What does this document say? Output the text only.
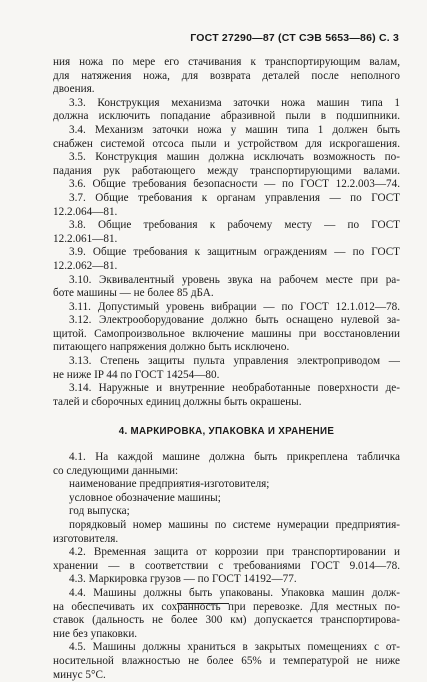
ГОСТ 27290—87 (СТ СЭВ 5653—86) С. 3
ния ножа по мере его стачивания к транспортирующим валам,
для натяжения ножа, для возврата деталей после неполного
двоения.
3.3. Конструкция механизма заточки ножа машин типа 1
должна исключить попадание абразивной пыли в подшипники.
3.4. Механизм заточки ножа у машин типа 1 должен быть
снабжен системой отсоса пыли и устройством для искрогашения.
3.5. Конструкция машин должна исключать возможность по-
падания рук работающего между транспортирующими валами.
3.6. Общие требования безопасности — по ГОСТ 12.2.003—74.
3.7. Общие требования к органам управления — по ГОСТ
12.2.064—81.
3.8. Общие требования к рабочему месту — по ГОСТ
12.2.061—81.
3.9. Общие требования к защитным ограждениям — по ГОСТ
12.2.062—81.
3.10. Эквивалентный уровень звука на рабочем месте при ра-
боте машины — не более 85 дБА.
3.11. Допустимый уровень вибрации — по ГОСТ 12.1.012—78.
3.12. Электрооборудование должно быть оснащено нулевой за-
щитой. Самопроизвольное включение машины при восстановлении
питающего напряжения должно быть исключено.
3.13. Степень защиты пульта управления электроприводом —
не ниже IP 44 по ГОСТ 14254—80.
3.14. Наружные и внутренние необработанные поверхности де-
талей и сборочных единиц должны быть окрашены.
4. МАРКИРОВКА, УПАКОВКА И ХРАНЕНИЕ
4.1. На каждой машине должна быть прикреплена табличка
со следующими данными:
наименование предприятия-изготовителя;
условное обозначение машины;
год выпуска;
порядковый номер машины по системе нумерации предприятия-
изготовителя.
4.2. Временная защита от коррозии при транспортировании и
хранении — в соответствии с требованиями ГОСТ 9.014—78.
4.3. Маркировка грузов — по ГОСТ 14192—77.
4.4. Машины должны быть упакованы. Упаковка машин долж-
на обеспечивать их сохранность при перевозке. Для местных по-
ставок (дальность не более 300 км) допускается транспортирова-
ние без упаковки.
4.5. Машины должны храниться в закрытых помещениях с от-
носительной влажностью не более 65% и температурой не ниже
минус 5°С.
